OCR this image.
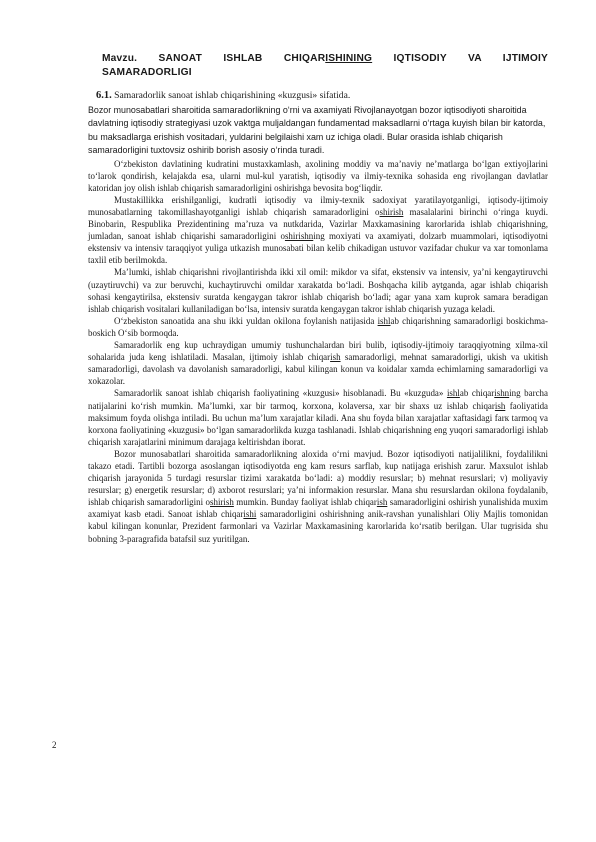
Mavzu. SANOAT ISHLAB CHIQARISHINING IQTISODIY VA IJTIMOIY
SAMARADORLIGI
6.1. Samaradorlik sanoat ishlab chiqarishining «kuzgusi» sifatida.

Bozor munosabatlari sharoitida samaradorlikning o‘rni va axamiyati Rivojlanayotgan bozor iqtisodiyoti sharoitida davlatning iqtisodiy strategiyasi uzok vaktga muljaldangan fundamentad maksadlarni o‘rtaga kuyish bilan bir katorda, bu maksadlarga erishish vositadari, yuldarini belgilaishi xam uz ichiga oladi. Bular orasida ishlab chiqarish samaradorligini tuxtovsiz oshirib borish asosiy o‘rinda turadi.

O‘zbekiston davlatining kudratini mustaxkamlash, axolining moddiy va ma’naviy ne’matlarga bo‘lgan extiyojlarini to‘larok qondirish, kelajakda esa, ularni mul-kul yaratish, iqtisodiy va ilmiy-texnika sohasida eng rivojlangan davlatlar katoridan joy olish ishlab chiqarish samaradorligini oshirishga bevosita bog‘liqdir.

Mustakillikka erishilganligi, kudratli iqtisodiy va ilmiy-texnik sadoxiyat yaratilayotganligi, iqtisody-ijtimoiy munosabatlarning takomillashayotganligi ishlab chiqarish samaradorligini oshirish masalalarini birinchi o‘ringa kuydi. Binobarin, Respublika Prezidentining ma’ruza va nutkdarida, Vazirlar Maxkamasining karorlarida ishlab chiqarishning, jumladan, sanoat ishlab chiqarishi samaradorligini oshirishning moxiyati va axamiyati, dolzarb muammolari, iqtisodiyotni ekstensiv va intensiv taraqqiyot yuliga utkazish munosabati bilan kelib chikadigan ustuvor vazifadar chukur va xar tomonlama taxlil etib berilmokda.

Ma’lumki, ishlab chiqarishni rivojlantirishda ikki xil omil: mikdor va sifat, ekstensiv va intensiv, ya’ni kengaytiruvchi (uzaytiruvchi) va zur beruvchi, kuchaytiruvchi omildar xarakatda bo‘ladi. Boshqacha kilib aytganda, agar ishlab chiqarish sohasi kengaytirilsa, ekstensiv suratda kengaygan takror ishlab chiqarish bo‘ladi; agar yana xam kuprok samara beradigan ishlab chiqarish vositalari kullaniladigan bo‘lsa, intensiv suratda kengaygan takror ishlab chiqarish yuzaga keladi.

O‘zbekiston sanoatida ana shu ikki yuldan okilona foylanish natijasida ishlab chiqarishning samaradorligi boskichma-boskich O‘sib bormoqda.

Samaradorlik eng kup uchraydigan umumiy tushunchalardan biri bulib, iqtisodiy-ijtimoiy taraqqiyotning xilma-xil sohalarida juda keng ishlatiladi. Masalan, ijtimoiy ishlab chiqarish samaradorligi, mehnat samaradorligi, ukish va ukitish samaradorligi, davolash va davolanish samaradorligi, kabul kilingan konun va koidalar xamda echimlarning samaradorligi va xokazolar.

Samaradorlik sanoat ishlab chiqarish faoliyatining «kuzgusi» hisoblanadi. Bu «kuzguda» ishlab chiqarishning barcha natijalarini ko‘rish mumkin. Ma’lumki, xar bir tarmoq, korxona, kolaversa, xar bir shaxs uz ishlab chiqarish faoliyatida maksimum foyda olishga intiladi. Bu uchun ma’lum xarajatlar kiladi. Ana shu foyda bilan xarajatlar xaftasidagi farк tarmoq va korxona faoliyatining «kuzgusi» bo‘lgan samaradorlikda kuzga tashlanadi. Ishlab chiqarishning eng yuqori samaradorligi ishlab chiqarish xarajatlarini minimum darajaga keltirishdan iborat.

Bozor munosabatlari sharoitida samaradorlikning aloxida o‘rni mavjud. Bozor iqtisodiyoti natijalilikni, foydalilikni takazo etadi. Tartibli bozorga asoslangan iqtisodiyotda eng kam resurs sarflab, kup natijaga erishish zarur. Maxsulot ishlab chiqarish jarayonida 5 turdagi resurslar tizimi xarakatda bo‘ladi: a) moddiy resurslar; b) mehnat resurslari; v) moliyaviy resurslar; g) energetik resurslar; d) axborot resurslari; ya’ni informakion resurslar. Mana shu resurslardan okilona foydalanib, ishlab chiqarish samaradorligini oshirish mumkin. Bunday faoliyat ishlab chiqarish samaradorligini oshirish yunalishida muxim axamiyat kasb etadi. Sanoat ishlab chiqarishi samaradorligini oshirishning anik-ravshan yunalishlari Oliy Majlis tomonidan kabul kilingan konunlar, Prezident farmonlari va Vazirlar Maxkamasining karorlarida ko‘rsatib berilgan. Ular tugrisida shu bobning 3-paragrafida batafsil suz yuritilgan.

2
